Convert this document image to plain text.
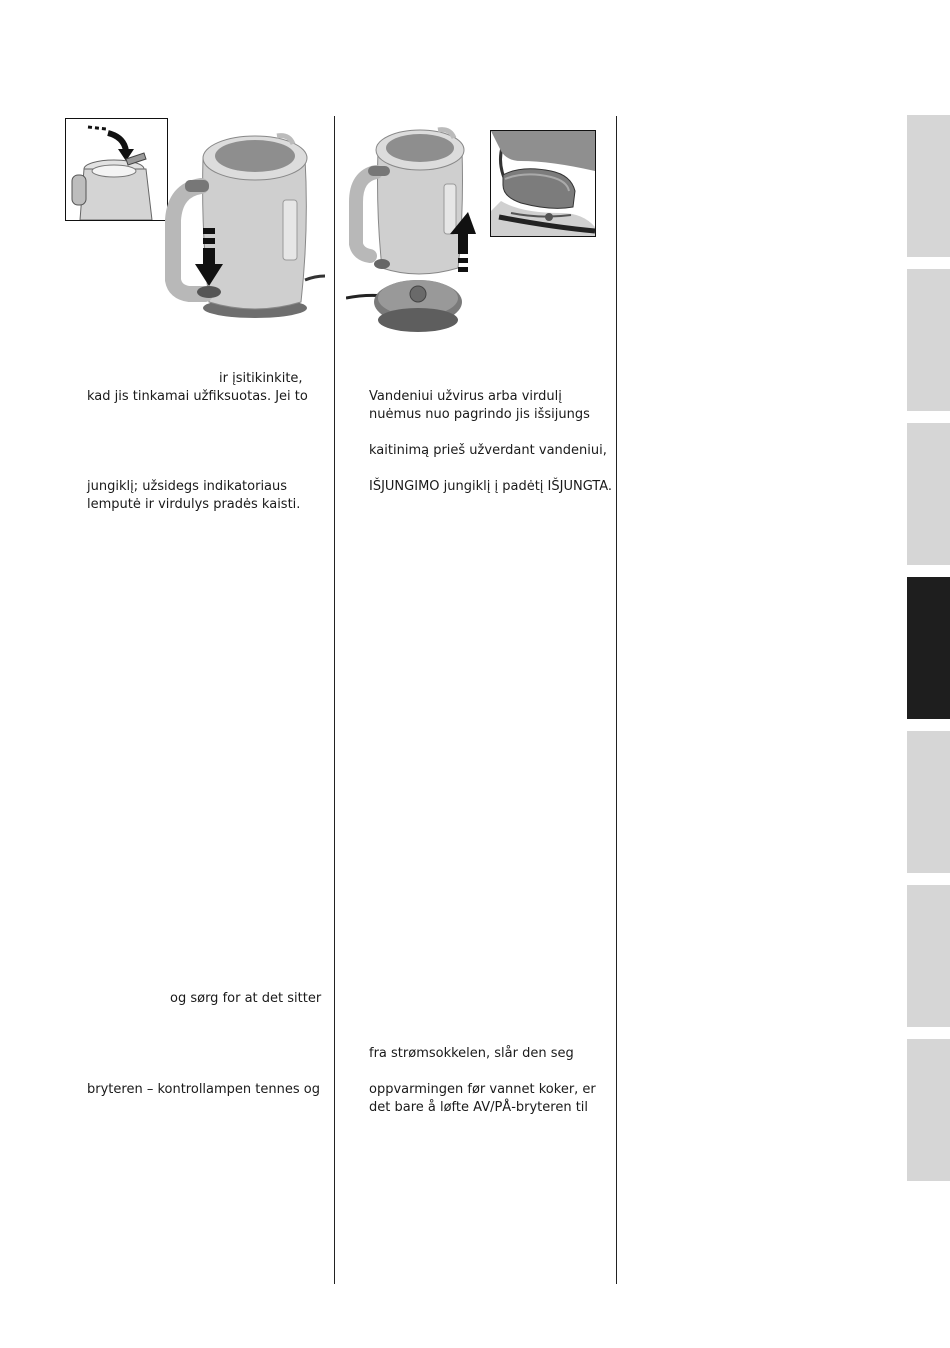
ir įsitikinkite,
kad jis tinkamai užfiksuotas. Jei to
jungiklį; užsidegs indikatoriaus
lemputė ir virdulys pradės kaisti.
og sørg for at det sitter
bryteren – kontrollampen tennes og
Vandeniui užvirus arba virdulį
nuėmus nuo pagrindo jis išsijungs
kaitinimą prieš užverdant vandeniui,
IŠJUNGIMO jungiklį į padėtį IŠJUNGTA.
fra strømsokkelen, slår den seg
oppvarmingen før vannet koker, er
det bare å løfte AV/PÅ-bryteren til
